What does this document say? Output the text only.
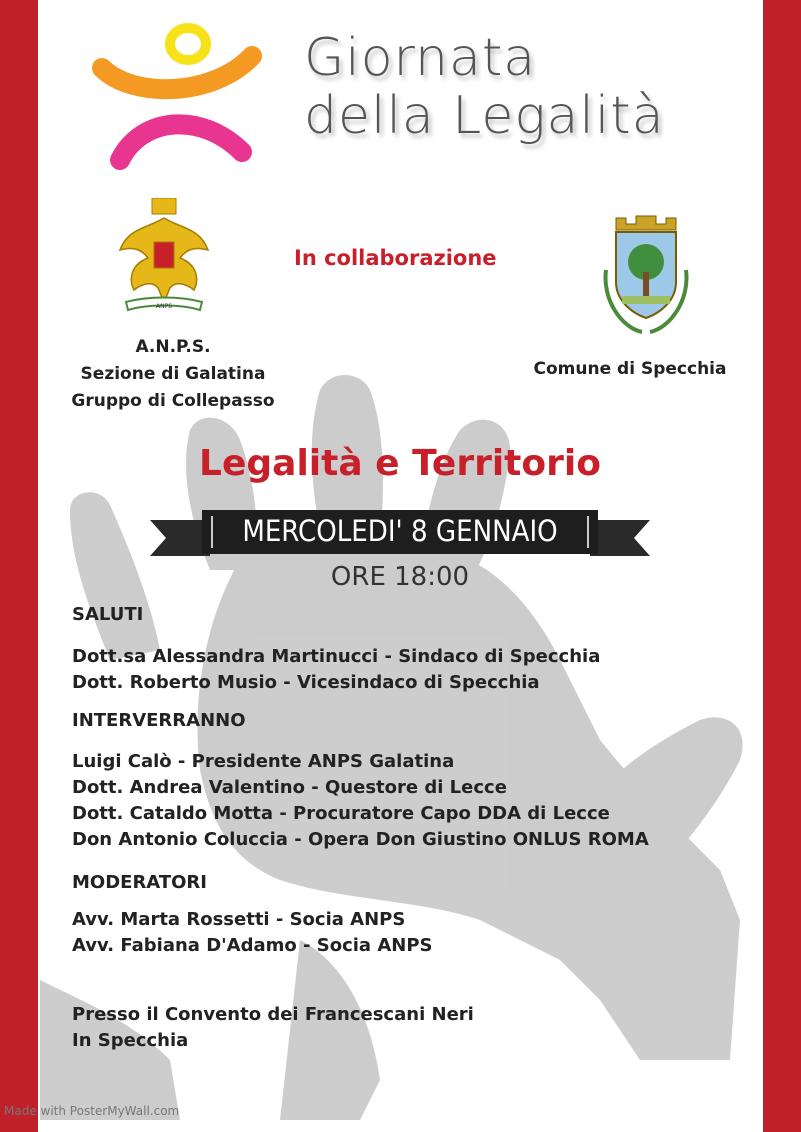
Giornata
della Legalità
ANPS
In collaborazione
A.N.P.S.
Sezione di Galatina
Gruppo di Collepasso
Comune di Specchia
Legalità e Territorio
MERCOLEDI' 8 GENNAIO
ORE 18:00
SALUTI
Dott.sa Alessandra Martinucci - Sindaco di Specchia
Dott. Roberto Musio - Vicesindaco di Specchia
INTERVERRANNO
Luigi Calò - Presidente ANPS Galatina
Dott. Andrea Valentino - Questore di Lecce
Dott. Cataldo Motta - Procuratore Capo DDA di Lecce
Don Antonio Coluccia - Opera Don Giustino ONLUS ROMA
MODERATORI
Avv. Marta Rossetti - Socia ANPS
Avv. Fabiana D'Adamo - Socia ANPS
Presso il Convento dei Francescani Neri
In Specchia
Made with PosterMyWall.com
